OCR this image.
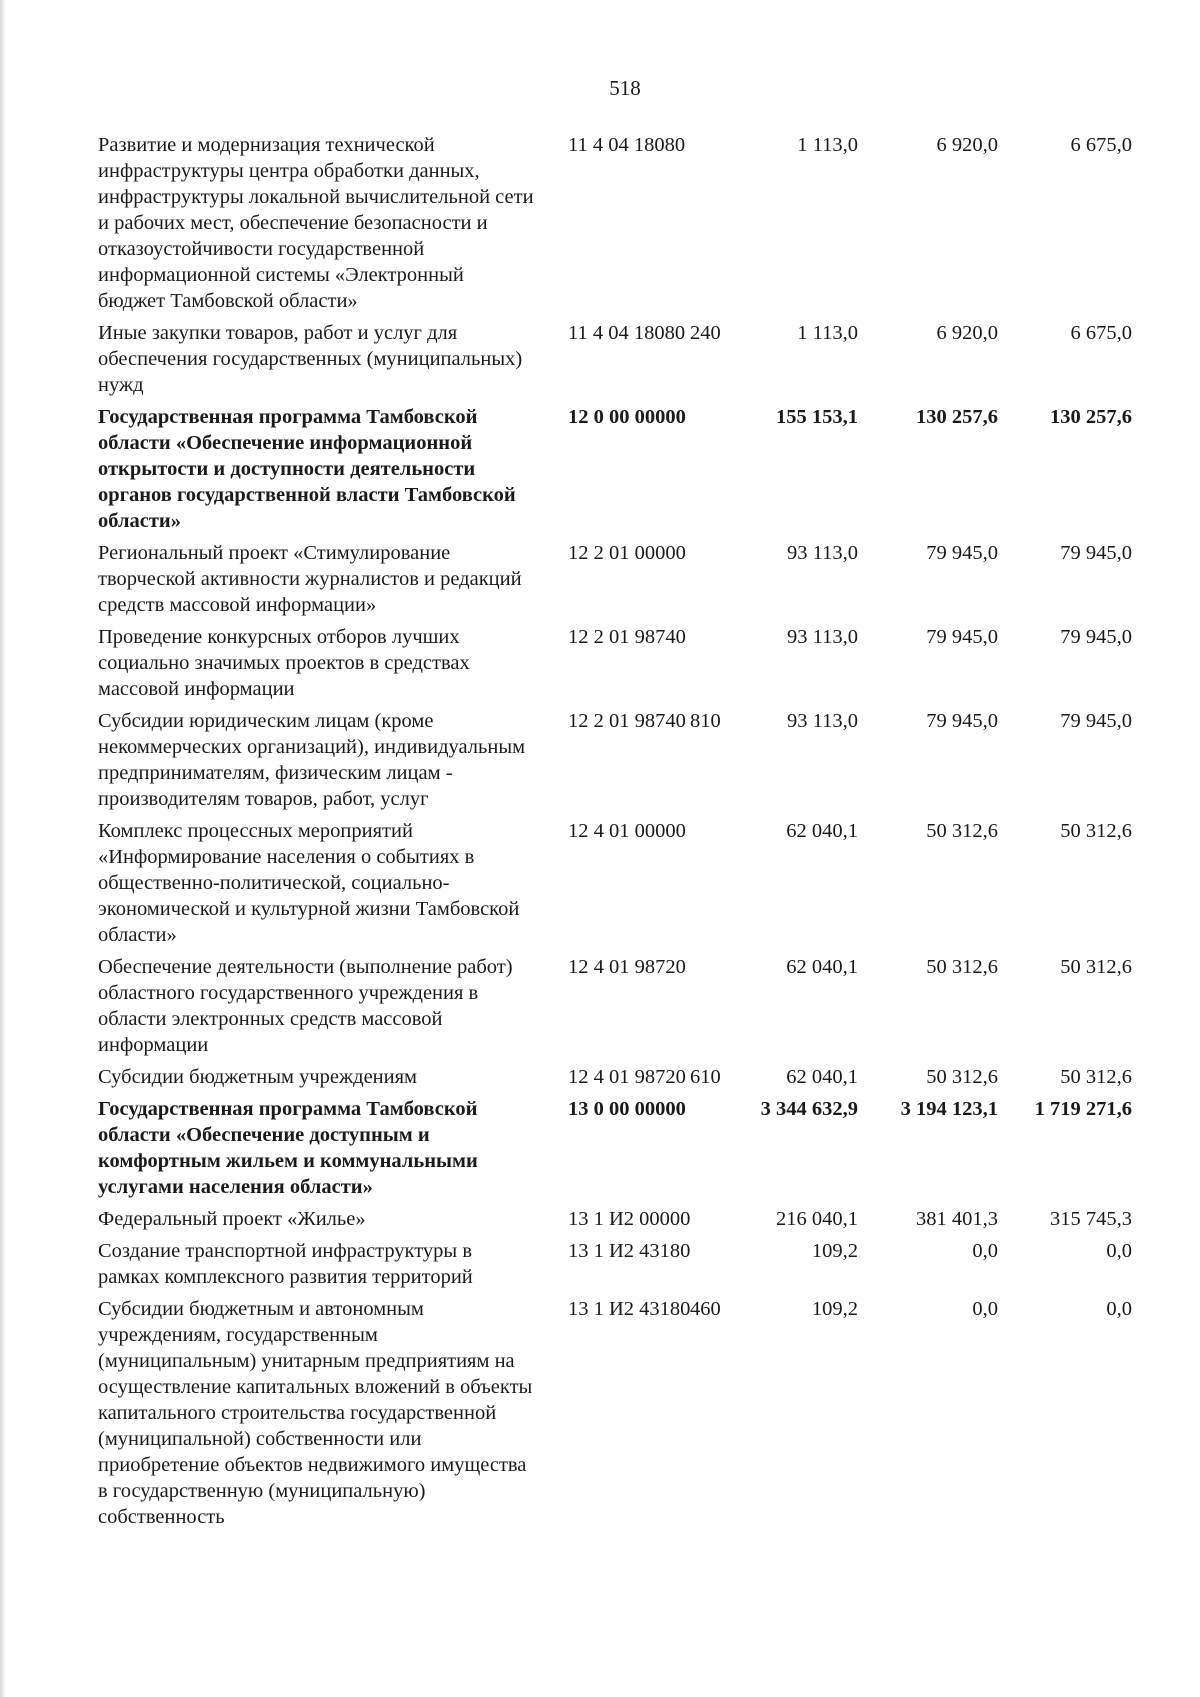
518
Развитие и модернизация технической инфраструктуры центра обработки данных, инфраструктуры локальной вычислительной сети и рабочих мест, обеспечение безопасности и отказоустойчивости государственной информационной системы «Электронный бюджет Тамбовской области»
11 4 04 18080	1 113,0	6 920,0	6 675,0
Иные закупки товаров, работ и услуг для обеспечения государственных (муниципальных) нужд
11 4 04 18080 240	1 113,0	6 920,0	6 675,0
Государственная программа Тамбовской области «Обеспечение информационной открытости и доступности деятельности органов государственной власти Тамбовской области»
12 0 00 00000	155 153,1	130 257,6	130 257,6
Региональный проект «Стимулирование творческой активности журналистов и редакций средств массовой информации»
12 2 01 00000	93 113,0	79 945,0	79 945,0
Проведение конкурсных отборов лучших социально значимых проектов в средствах массовой информации
12 2 01 98740	93 113,0	79 945,0	79 945,0
Субсидии юридическим лицам (кроме некоммерческих организаций), индивидуальным предпринимателям, физическим лицам - производителям товаров, работ, услуг
12 2 01 98740 810	93 113,0	79 945,0	79 945,0
Комплекс процессных мероприятий «Информирование населения о событиях в общественно-политической, социально-экономической и культурной жизни Тамбовской области»
12 4 01 00000	62 040,1	50 312,6	50 312,6
Обеспечение деятельности (выполнение работ) областного государственного учреждения в области электронных средств массовой информации
12 4 01 98720	62 040,1	50 312,6	50 312,6
Субсидии бюджетным учреждениям	12 4 01 98720 610	62 040,1	50 312,6	50 312,6
Государственная программа Тамбовской области «Обеспечение доступным и комфортным жильем и коммунальными услугами населения области»
13 0 00 00000	3 344 632,9	3 194 123,1	1 719 271,6
Федеральный проект «Жилье»	13 1 И2 00000	216 040,1	381 401,3	315 745,3
Создание транспортной инфраструктуры в рамках комплексного развития территорий
13 1 И2 43180	109,2	0,0	0,0
Субсидии бюджетным и автономным учреждениям, государственным (муниципальным) унитарным предприятиям на осуществление капитальных вложений в объекты капитального строительства государственной (муниципальной) собственности или приобретение объектов недвижимого имущества в государственную (муниципальную) собственность
13 1 И2 43180 460	109,2	0,0	0,0
